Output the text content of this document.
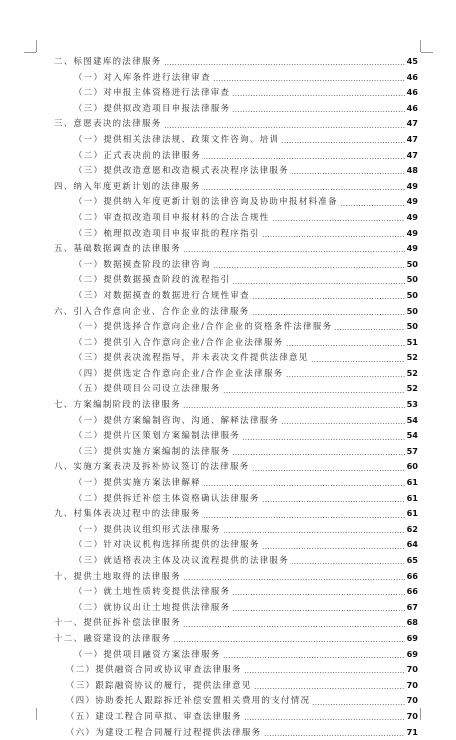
二、标图建库的法律服务	45
（一）对入库条件进行法律审查	46
（二）对申报主体资格进行法律审查	46
（三）提供拟改造项目申报法律服务	46
三、意愿表决的法律服务	47
（一）提供相关法律法规、政策文件咨询、培训	47
（二）正式表决前的法律服务	47
（三）提供改造意愿和改造模式表决程序法律服务	48
四、纳入年度更新计划的法律服务	49
（一）提供纳入年度更新计划的法律咨询及协助申报材料准备	49
（二）审查拟改造项目申报材料的合法合规性	49
（三）梳理拟改造项目申报审批的程序指引	49
五、基础数据调查的法律服务	49
（一）数据摸查阶段的法律咨询	50
（二）提供数据摸查阶段的流程指引	50
（三）对数据摸查的数据进行合规性审查	50
六、引入合作意向企业、合作企业的法律服务	50
（一）提供选择合作意向企业/合作企业的资格条件法律服务	50
（二）提供引入合作意向企业/合作企业法律服务	51
（三）提供表决流程指导，并未表决文件提供法律意见	52
（四）提供选定合作意向企业/合作企业法律服务	52
（五）提供项目公司设立法律服务	52
七、方案编制阶段的法律服务	53
（一）提供方案编制咨询、沟通、解释法律服务	54
（二）提供片区策划方案编制法律服务	54
（三）提供实施方案编制的法律服务	57
八、实施方案表决及拆补协议签订的法律服务	60
（一）提供实施方案法律解释	61
（二）提供拆迁补偿主体资格确认法律服务	61
九、村集体表决过程中的法律服务	61
（一）提供决议组织形式法律服务	62
（二）针对决议机构选择所提供的法律服务	64
（三）就适格表决主体及决议流程提供的法律服务	65
十、提供土地取得的法律服务	66
（一）就土地性质转变提供法律服务	66
（二）就协议出让土地提供法律服务	67
十一、提供征拆补偿法律服务	68
十二、融资建设的法律服务	69
（一）提供项目融资方案法律服务	69
（二）提供融资合同或协议审查法律服务	70
（三）跟踪融资协议的履行，提供法律意见	70
（四）协助委托人跟踪拆迁补偿安置相关费用的支付情况	70
（五）建设工程合同草拟、审查法律服务	70
（六）为建设工程合同履行过程提供法律服务	71
